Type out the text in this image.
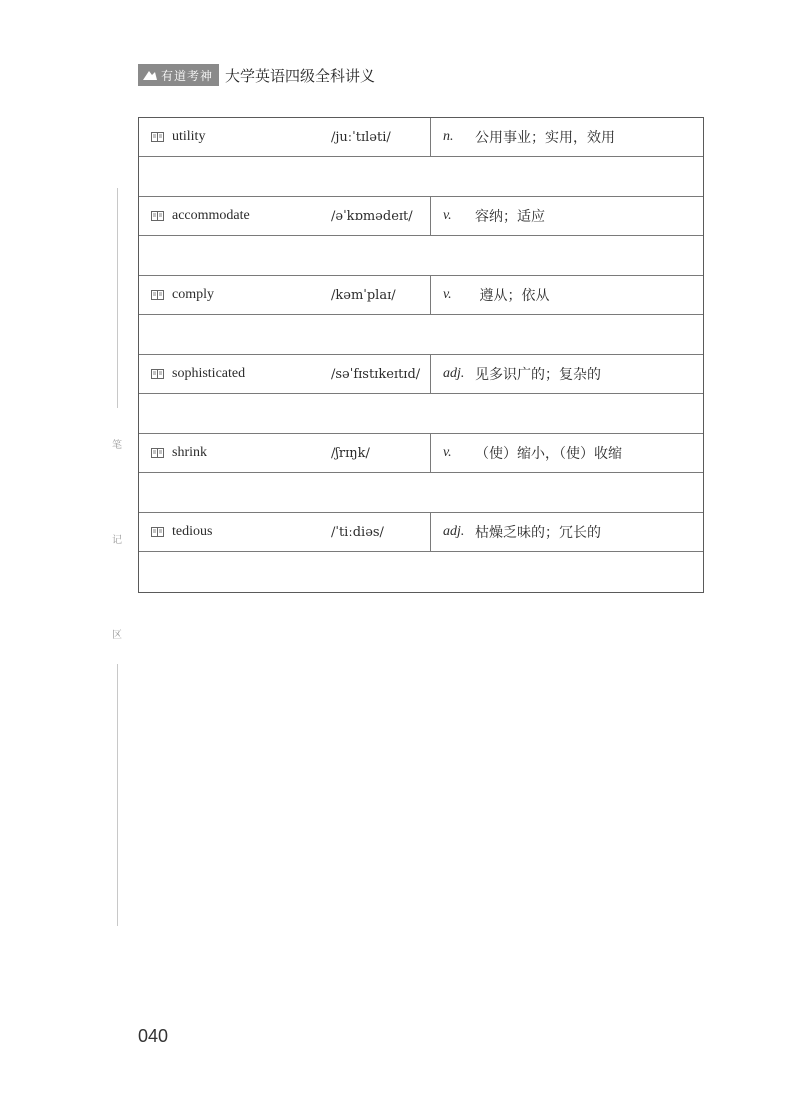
有道考神 大学英语四级全科讲义
笔
记
区
utility	/juːˈtɪləti/	n.	公用事业；实用，效用
accommodate	/əˈkɒmədeɪt/ v.	容纳；适应
comply	/kəmˈplaɪ/	v.	遵从；依从
sophisticated	/səˈfɪstɪkeɪtɪd/ adj. 见多识广的；复杂的
shrink	/ʃrɪŋk/	v.	（使）缩小，（使）收缩
tedious	/ˈtiːdiəs/	adj. 枯燥乏味的；冗长的
040
